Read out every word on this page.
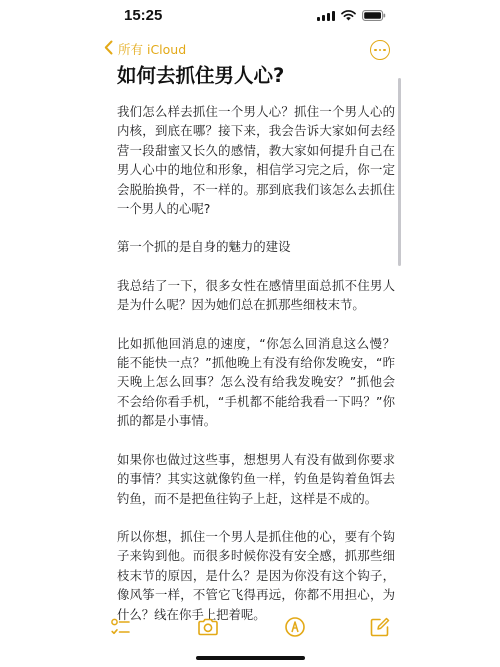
15:25
所有 iCloud
如何去抓住男人心?

我们怎么样去抓住一个男人心？抓住一个男人心的内核，到底在哪？接下来，我会告诉大家如何去经营一段甜蜜又长久的感情，教大家如何提升自己在男人心中的地位和形象，相信学习完之后，你一定会脱胎换骨，不一样的。那到底我们该怎么去抓住一个男人的心呢?

第一个抓的是自身的魅力的建设

我总结了一下，很多女性在感情里面总抓不住男人是为什么呢？因为她们总在抓那些细枝末节。

比如抓他回消息的速度，“你怎么回消息这么慢？能不能快一点？”抓他晚上有没有给你发晚安，“昨天晚上怎么回事？怎么没有给我发晚安？”抓他会不会给你看手机，“手机都不能给我看一下吗？”你抓的都是小事情。

如果你也做过这些事，想想男人有没有做到你要求的事情？其实这就像钓鱼一样，钓鱼是钩着鱼饵去钓鱼，而不是把鱼往钩子上赶，这样是不成的。

所以你想，抓住一个男人是抓住他的心，要有个钩子来钩到他。而很多时候你没有安全感，抓那些细枝末节的原因，是什么？是因为你没有这个钩子，像风筝一样，不管它飞得再远，你都不用担心，为什么？线在你手上把着呢。
